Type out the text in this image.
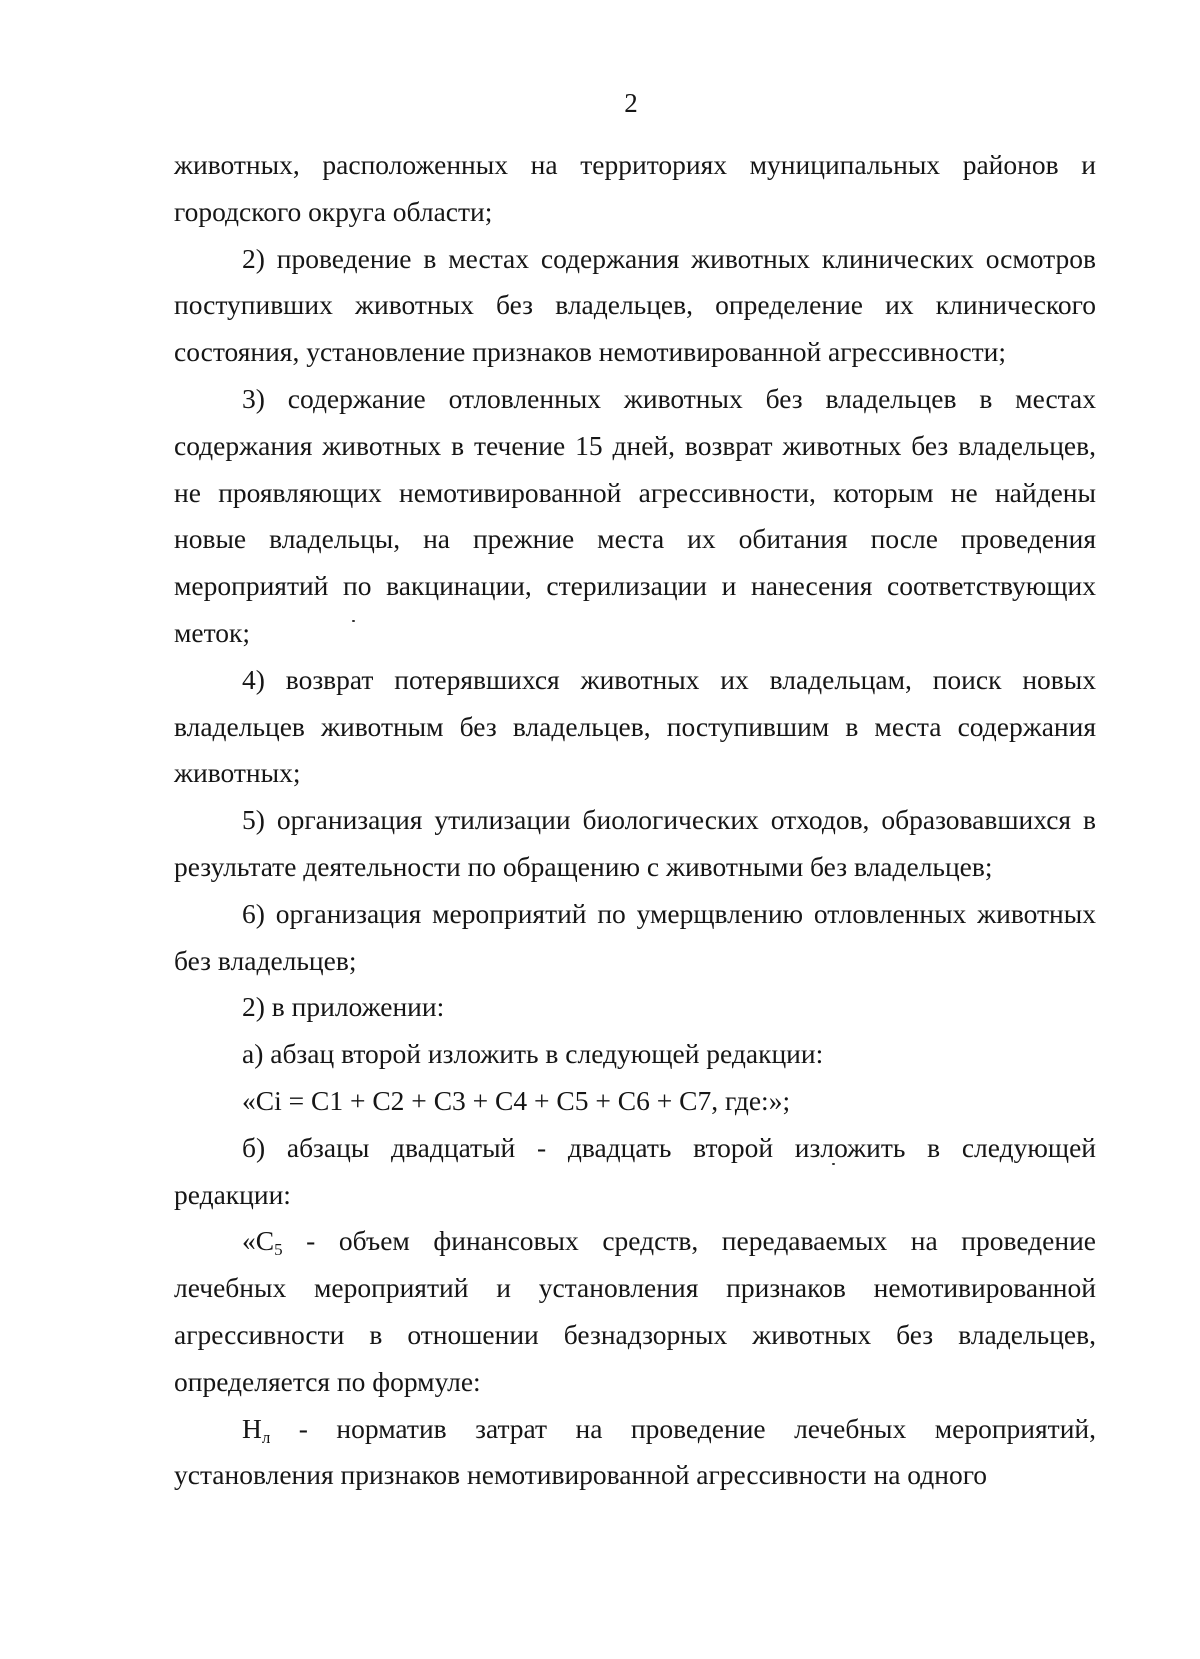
2

животных, расположенных на территориях муниципальных районов и городского округа области;

2) проведение в местах содержания животных клинических осмотров поступивших животных без владельцев, определение их клинического состояния, установление признаков немотивированной агрессивности;

3) содержание отловленных животных без владельцев в местах содержания животных в течение 15 дней, возврат животных без владельцев, не проявляющих немотивированной агрессивности, которым не найдены новые владельцы, на прежние места их обитания после проведения мероприятий по вакцинации, стерилизации и нанесения соответствующих меток;

4) возврат потерявшихся животных их владельцам, поиск новых владельцев животным без владельцев, поступившим в места содержания животных;

5) организация утилизации биологических отходов, образовавшихся в результате деятельности по обращению с животными без владельцев;

6) организация мероприятий по умерщвлению отловленных животных без владельцев;

2) в приложении:

а) абзац второй изложить в следующей редакции:

«Ci = C1 + C2 + C3 + C4 + C5 + C6 + C7, где:»;

б) абзацы двадцатый - двадцать второй изложить в следующей редакции:

«$С_5$ - объем финансовых средств, передаваемых на проведение лечебных мероприятий и установления признаков немотивированной агрессивности в отношении безнадзорных животных без владельцев, определяется по формуле:

$Н_л$ - норматив затрат на проведение лечебных мероприятий, установления признаков немотивированной агрессивности на одного
